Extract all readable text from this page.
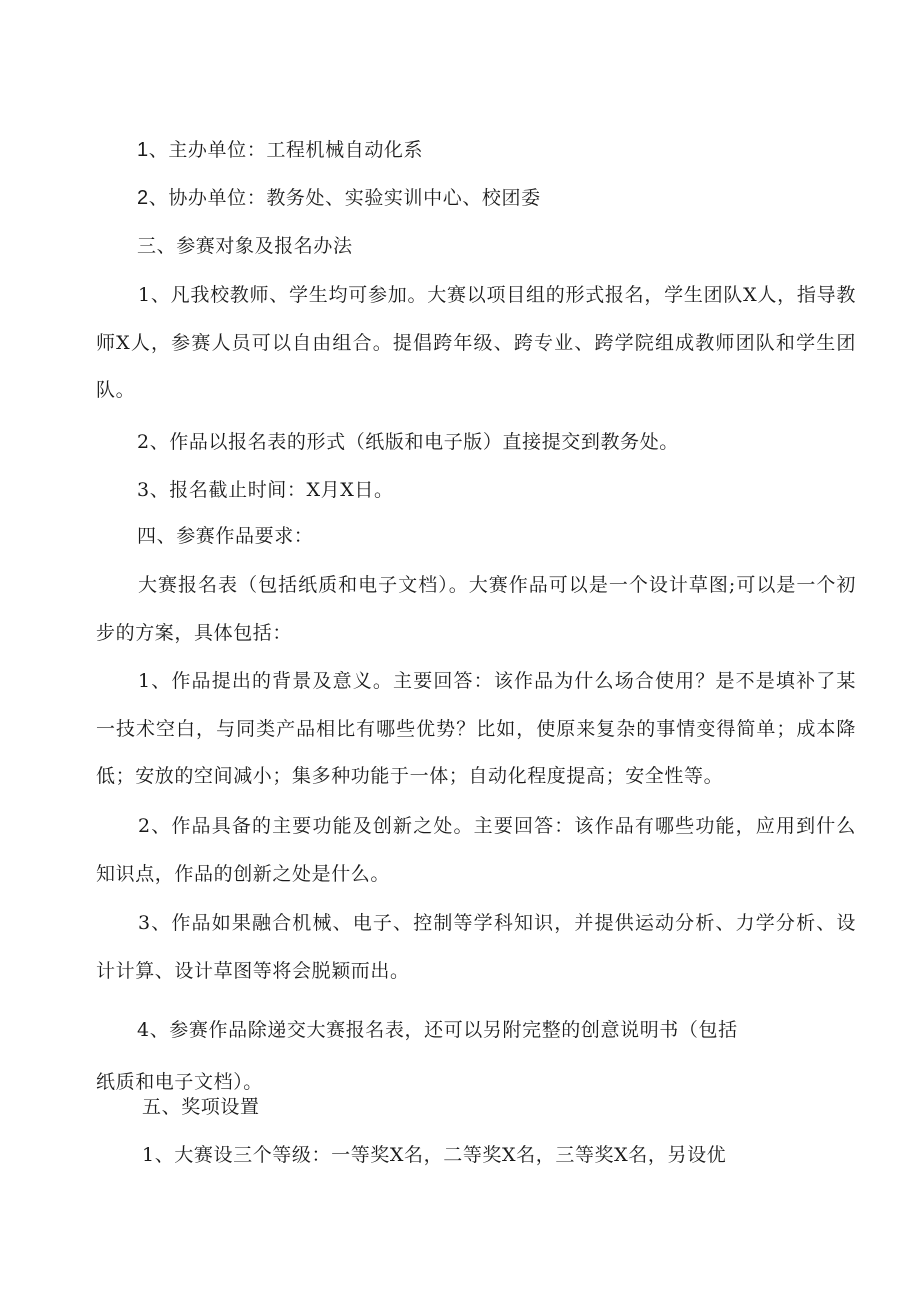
1、主办单位：工程机械自动化系
2、协办单位：教务处、实验实训中心、校团委
三、参赛对象及报名办法
1、凡我校教师、学生均可参加。大赛以项目组的形式报名，学生团队X人，指导教师X人，参赛人员可以自由组合。提倡跨年级、跨专业、跨学院组成教师团队和学生团队。
2、作品以报名表的形式（纸版和电子版）直接提交到教务处。
3、报名截止时间：X月X日。
四、参赛作品要求：
大赛报名表（包括纸质和电子文档）。大赛作品可以是一个设计草图;可以是一个初步的方案，具体包括：
1、作品提出的背景及意义。主要回答：该作品为什么场合使用？是不是填补了某一技术空白，与同类产品相比有哪些优势？比如，使原来复杂的事情变得简单；成本降低；安放的空间减小；集多种功能于一体；自动化程度提高；安全性等。
2、作品具备的主要功能及创新之处。主要回答：该作品有哪些功能，应用到什么知识点，作品的创新之处是什么。
3、作品如果融合机械、电子、控制等学科知识，并提供运动分析、力学分析、设计计算、设计草图等将会脱颖而出。
4、参赛作品除递交大赛报名表，还可以另附完整的创意说明书（包括
纸质和电子文档）。
五、奖项设置
1、大赛设三个等级：一等奖X名，二等奖X名，三等奖X名，另设优
